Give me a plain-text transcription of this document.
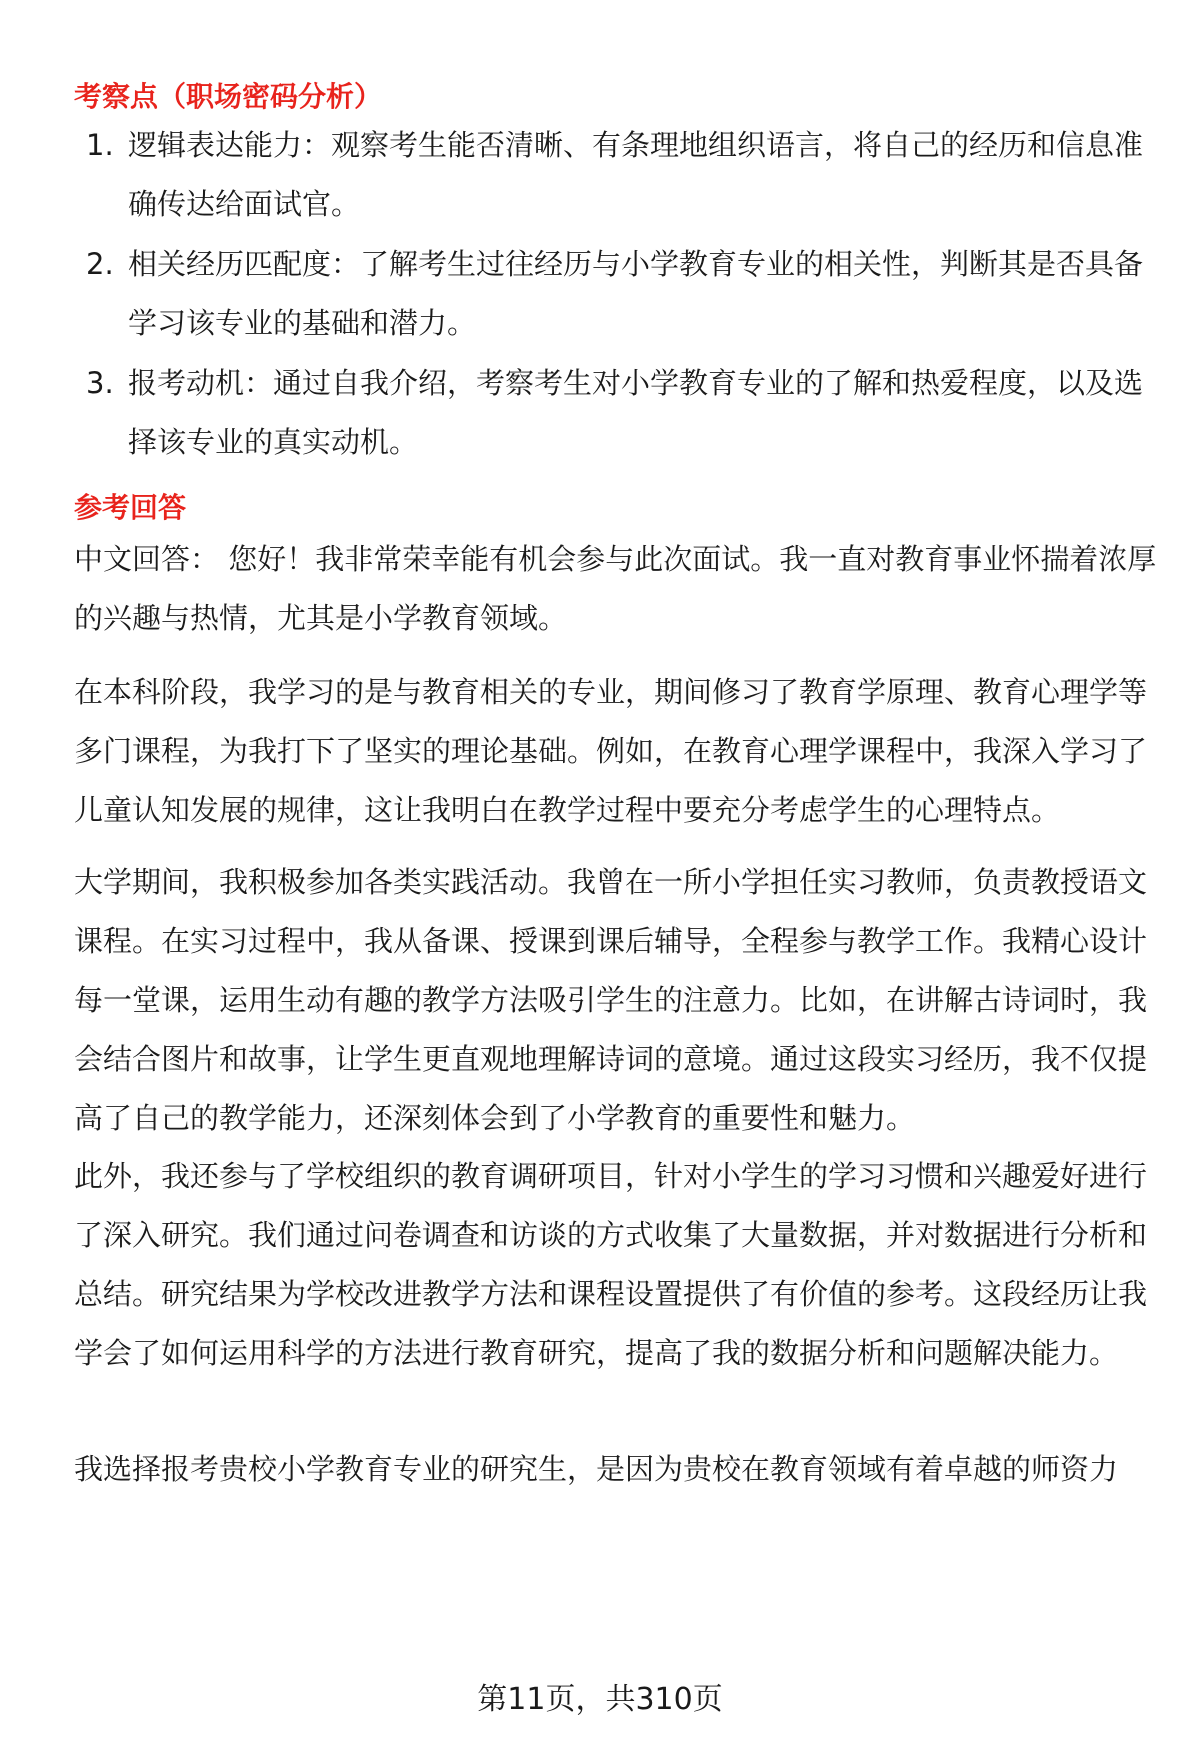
考察点（职场密码分析）
1. 逻辑表达能力：观察考生能否清晰、有条理地组织语言，将自己的经历和信息准确传达给面试官。
2. 相关经历匹配度：了解考生过往经历与小学教育专业的相关性，判断其是否具备学习该专业的基础和潜力。
3. 报考动机：通过自我介绍，考察考生对小学教育专业的了解和热爱程度，以及选择该专业的真实动机。
参考回答

中文回答： 您好！我非常荣幸能有机会参与此次面试。我一直对教育事业怀揣着浓厚的兴趣与热情，尤其是小学教育领域。

在本科阶段，我学习的是与教育相关的专业，期间修习了教育学原理、教育心理学等多门课程，为我打下了坚实的理论基础。例如，在教育心理学课程中，我深入学习了儿童认知发展的规律，这让我明白在教学过程中要充分考虑学生的心理特点。

大学期间，我积极参加各类实践活动。我曾在一所小学担任实习教师，负责教授语文课程。在实习过程中，我从备课、授课到课后辅导，全程参与教学工作。我精心设计每一堂课，运用生动有趣的教学方法吸引学生的注意力。比如，在讲解古诗词时，我会结合图片和故事，让学生更直观地理解诗词的意境。通过这段实习经历，我不仅提高了自己的教学能力，还深刻体会到了小学教育的重要性和魅力。

此外，我还参与了学校组织的教育调研项目，针对小学生的学习习惯和兴趣爱好进行了深入研究。我们通过问卷调查和访谈的方式收集了大量数据，并对数据进行分析和总结。研究结果为学校改进教学方法和课程设置提供了有价值的参考。这段经历让我学会了如何运用科学的方法进行教育研究，提高了我的数据分析和问题解决能力。

我选择报考贵校小学教育专业的研究生，是因为贵校在教育领域有着卓越的师资力

第11页，共310页
